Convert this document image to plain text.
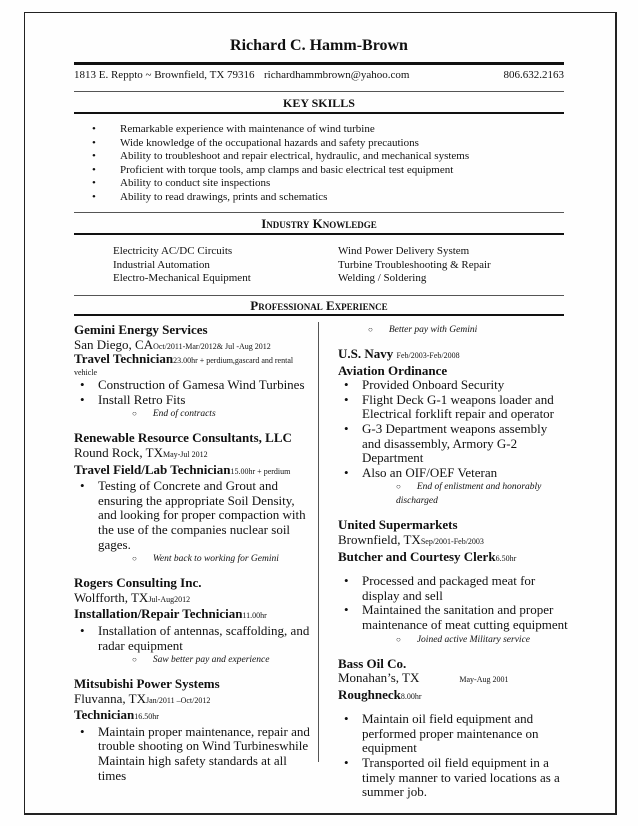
Richard C. Hamm-Brown
1813 E. Reppto ~ Brownfield, TX 79316 richardhammbrown@yahoo.com	806.632.2163
KEY SKILLS
• Remarkable experience with maintenance of wind turbine
• Wide knowledge of the occupational hazards and safety precautions
• Ability to troubleshoot and repair electrical, hydraulic, and mechanical systems
• Proficient with torque tools, amp clamps and basic electrical test equipment
• Ability to conduct site inspections
• Ability to read drawings, prints and schematics
Industry Knowledge
Electricity AC/DC Circuits
Industrial Automation
Electro-Mechanical Equipment
Wind Power Delivery System
Turbine Troubleshooting & Repair
Welding / Soldering
Professional Experience
Gemini Energy Services
San Diego, CAOct/2011-Mar/2012& Jul -Aug 2012
Travel Technician23.00hr + perdium,gascard and rental vehicle
• Construction of Gamesa Wind Turbines
• Install Retro Fits
○ End of contracts
Renewable Resource Consultants, LLC
Round Rock, TXMay-Jul 2012
Travel Field/Lab Technician15.00hr + perdium
• Testing of Concrete and Grout and ensuring the appropriate Soil Density, and looking for proper compaction with the use of the companies nuclear soil gages.
○ Went back to working for Gemini
Rogers Consulting Inc.
Wolfforth, TXJul-Aug2012
Installation/Repair Technician11.00hr
• Installation of antennas, scaffolding, and radar equipment
○ Saw better pay and experience
Mitsubishi Power Systems
Fluvanna, TXJan/2011 –Oct/2012
Technician16.50hr
• Maintain proper maintenance, repair and trouble shooting on Wind Turbineswhile Maintain high safety standards at all times
○ Better pay with Gemini
U.S. Navy Feb/2003-Feb/2008
Aviation Ordinance
• Provided Onboard Security
• Flight Deck G-1 weapons loader and Electrical forklift repair and operator
• G-3 Department weapons assembly and disassembly, Armory G-2 Department
• Also an OIF/OEF Veteran
○ End of enlistment and honorably discharged
United Supermarkets
Brownfield, TXSep/2001-Feb/2003
Butcher and Courtesy Clerk6.50hr
• Processed and packaged meat for display and sell
• Maintained the sanitation and proper maintenance of meat cutting equipment
○ Joined active Military service
Bass Oil Co.
Monahan’s, TX	May-Aug 2001
Roughneck8.00hr
• Maintain oil field equipment and performed proper maintenance on equipment
• Transported oil field equipment in a timely manner to varied locations as a summer job.
